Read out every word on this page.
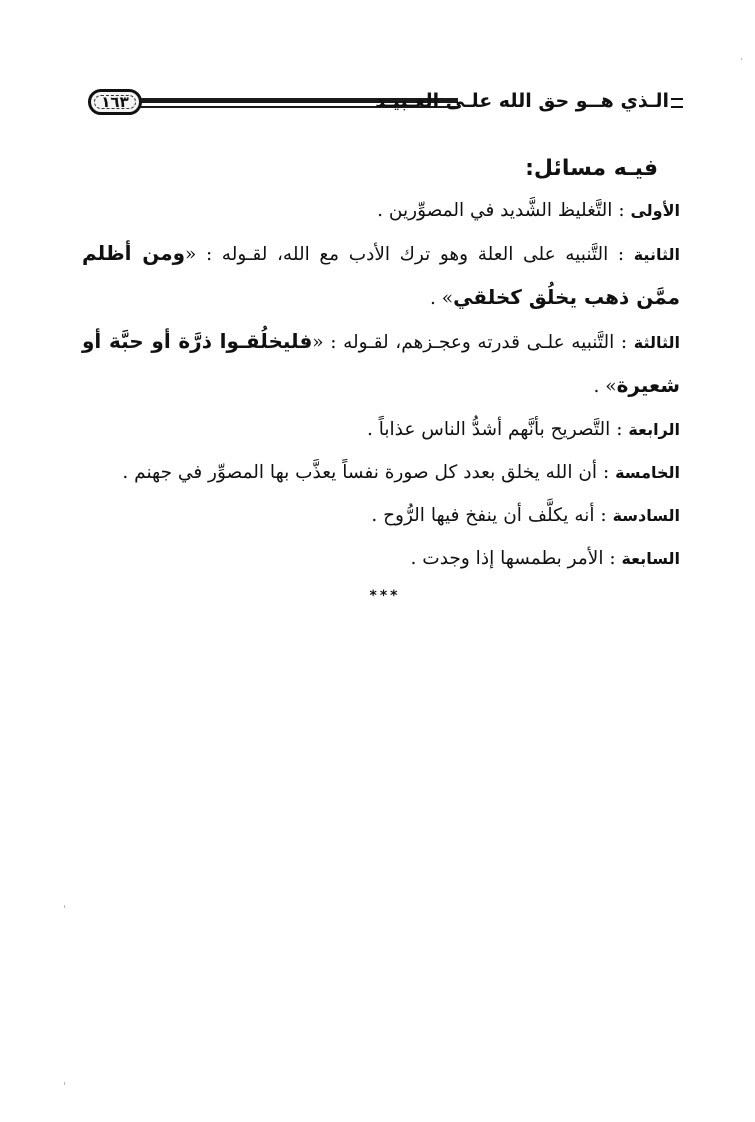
١٦٣	الـذي هــو حق الله علـى العـبيـد
فيـه مسائل:

الأولى : التَّغليظ الشَّديد في المصوِّرين .

الثانية : التَّنبيه على العلة وهو ترك الأدب مع الله، لقـوله : «ومن أظلم ممَّن ذهب يخلُق كخلقي» .

الثالثة : التَّنبيه علـى قدرته وعجـزهم، لقـوله : «فليخلُقـوا ذرَّة أو حبَّة أو شعيرة» .

الرابعة : التَّصريح بأنَّهم أشدُّ الناس عذاباً .

الخامسة : أن الله يخلق بعدد كل صورة نفساً يعذَّب بها المصوِّر في جهنم .

السادسة : أنه يكلَّف أن ينفخ فيها الرُّوح .

السابعة : الأمر بطمسها إذا وجدت .

***
